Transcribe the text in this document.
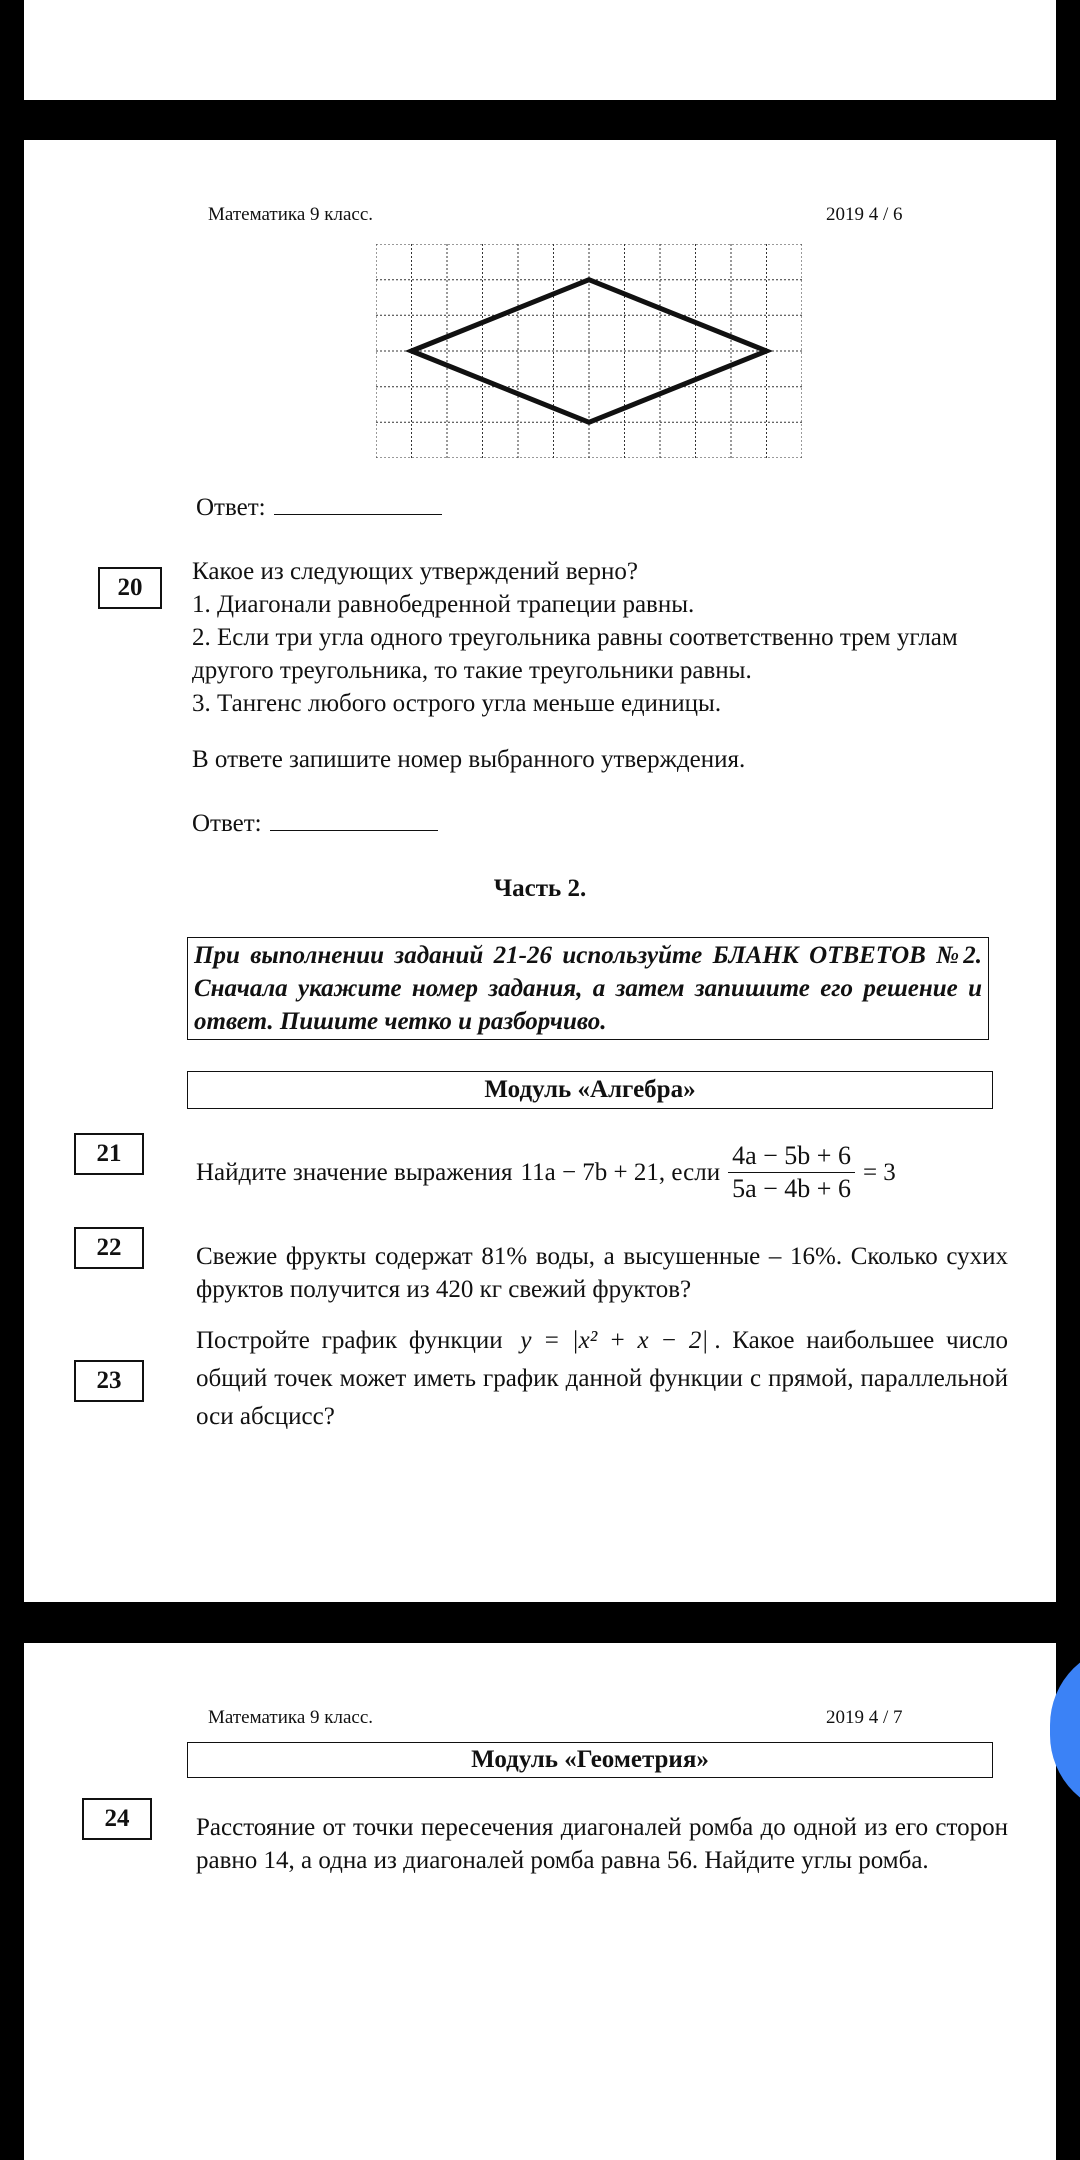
Математика 9 класс.	2019 4 / 6
Ответ:
20
Какое из следующих утверждений верно?
1. Диагонали равнобедренной трапеции равны.
2. Если три угла одного треугольника равны соответственно трем углам другого треугольника, то такие треугольники равны.
3. Тангенс любого острого угла меньше единицы.
В ответе запишите номер выбранного утверждения.
Ответ:
Часть 2.
При выполнении заданий 21-26 используйте БЛАНК ОТВЕТОВ №2. Сначала укажите номер задания, а затем запишите его решение и ответ. Пишите четко и разборчиво.
Модуль «Алгебра»
21
Найдите значение выражения 11a − 7b + 21 , если $\frac{4a - 5b + 6}{5a - 4b + 6} = 3$
22	Свежие фрукты содержат 81% воды, а высушенные – 16%. Сколько сухих фруктов получится из 420 кг свежий фруктов?
23
Постройте график функции y = |x² + x − 2| . Какое наибольшее число общий точек может иметь график данной функции с прямой, параллельной оси абсцисс?
Математика 9 класс.	2019 4 / 7
Модуль «Геометрия»
24	Расстояние от точки пересечения диагоналей ромба до одной из его сторон равно 14, а одна из диагоналей ромба равна 56. Найдите углы ромба.
